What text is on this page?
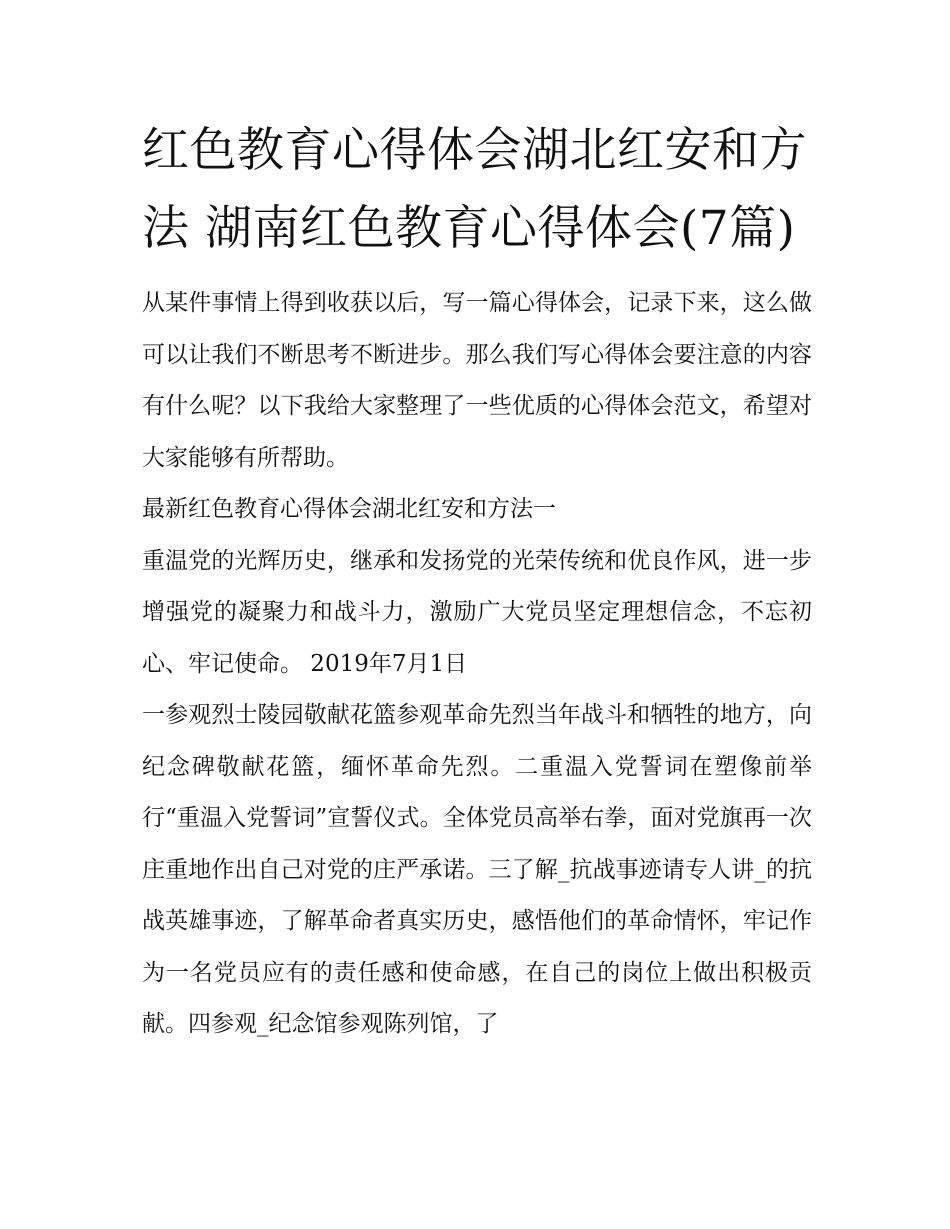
红色教育心得体会湖北红安和方法 湖南红色教育心得体会(7篇)

从某件事情上得到收获以后，写一篇心得体会，记录下来，这么做可以让我们不断思考不断进步。那么我们写心得体会要注意的内容有什么呢？以下我给大家整理了一些优质的心得体会范文，希望对大家能够有所帮助。

最新红色教育心得体会湖北红安和方法一

重温党的光辉历史，继承和发扬党的光荣传统和优良作风，进一步增强党的凝聚力和战斗力，激励广大党员坚定理想信念，不忘初心、牢记使命。 2019年7月1日

一参观烈士陵园敬献花篮参观革命先烈当年战斗和牺牲的地方，向纪念碑敬献花篮，缅怀革命先烈。二重温入党誓词在塑像前举行“重温入党誓词”宣誓仪式。全体党员高举右拳，面对党旗再一次庄重地作出自己对党的庄严承诺。三了解_抗战事迹请专人讲_的抗战英雄事迹，了解革命者真实历史，感悟他们的革命情怀，牢记作为一名党员应有的责任感和使命感，在自己的岗位上做出积极贡献。四参观_纪念馆参观陈列馆，了
